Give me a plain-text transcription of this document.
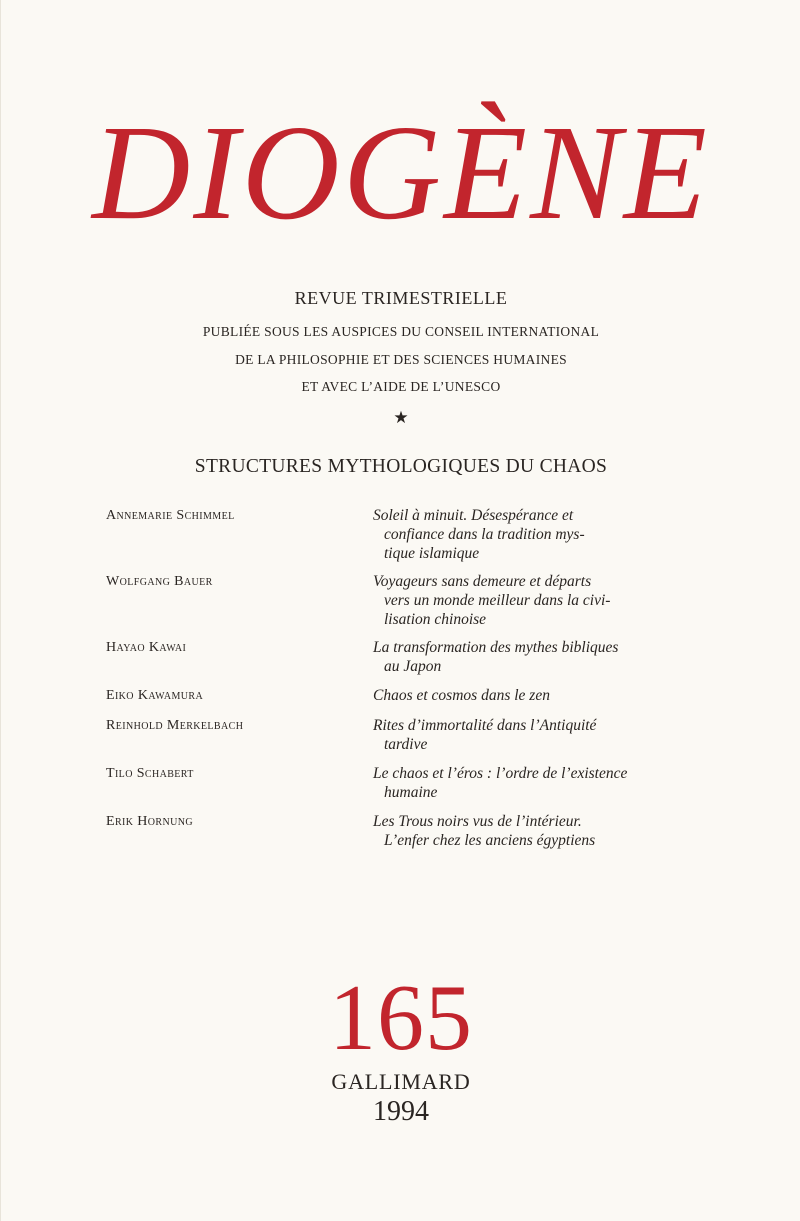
DIOGÈNE
REVUE TRIMESTRIELLE
PUBLIÉE SOUS LES AUSPICES DU CONSEIL INTERNATIONAL
DE LA PHILOSOPHIE ET DES SCIENCES HUMAINES
ET AVEC L’AIDE DE L’UNESCO
★
STRUCTURES MYTHOLOGIQUES DU CHAOS
Annemarie Schimmel	Soleil à minuit. Désespérance et
confiance dans la tradition mys-
tique islamique
Wolfgang Bauer	Voyageurs sans demeure et départs
vers un monde meilleur dans la civi-
lisation chinoise
Hayao Kawai	La transformation des mythes bibliques
au Japon
Eiko Kawamura	Chaos et cosmos dans le zen
Reinhold Merkelbach	Rites d’immortalité dans l’Antiquité
tardive
Tilo Schabert	Le chaos et l’éros : l’ordre de l’existence
humaine
Erik Hornung	Les Trous noirs vus de l’intérieur.
L’enfer chez les anciens égyptiens
165
GALLIMARD
1994
